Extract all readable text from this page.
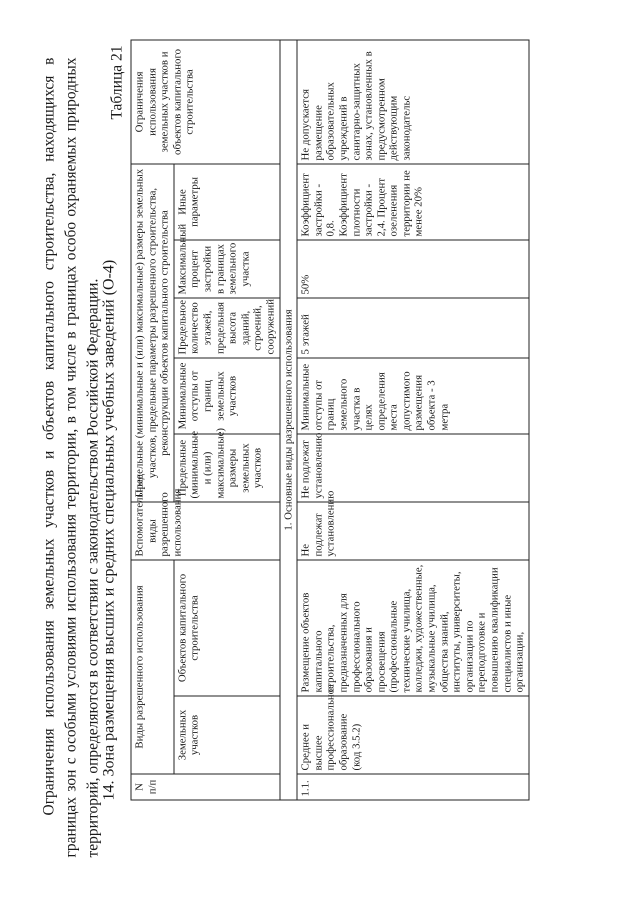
Ограничения использования земельных участков и объектов капитального строительства, находящихся в границах зон с особыми условиями использования территории, в том числе в границах особо охраняемых природных территорий, определяются в соответствии с законодательством Российской Федерации. 14. Зона размещения высших и средних специальных учебных заведений (О-4)
Таблица 21
N п/п	Виды разрешенного использования		Вспомогательные виды разрешенного использования	Предельные (минимальные и (или) максимальные) размеры земельных участков, предельные параметры разрешенного строительства, реконструкции объектов капитального строительства					Ограничения использования земельных участков и объектов капитального строительства
	Земельных участков	Объектов капитального строительства		Предельные (минимальные и (или) максимальные) размеры земельных участков	Минимальные отступы от границ земельных участков	Предельное количество этажей, предельная высота зданий, строений, сооружений	Максимальный процент застройки в границах земельного участка	Иные параметры	
1. Основные виды разрешенного использования									
1.1.	Среднее и высшее профессиональное образование (код 3.5.2)	Размещение объектов капитального строительства, предназначенных для профессионального образования и просвещения (профессиональные технические училища, колледжи, художественные, музыкальные училища, общества знаний, институты, университеты, организации по переподготовке и повышению квалификации специалистов и иные организации,	Не подлежат установлению	Не подлежат установлению	Минимальные отступы от границ земельного участка в целях определения места допустимого размещения объекта - 3 метра	5 этажей	50%	Коэффициент застройки - 0,8. Коэффициент плотности застройки - 2,4. Процент озеленения территории не менее 20%	Не допускается размещение образовательных учреждений в санитарно-защитных зонах, установленных в предусмотренном действующим законодательс
